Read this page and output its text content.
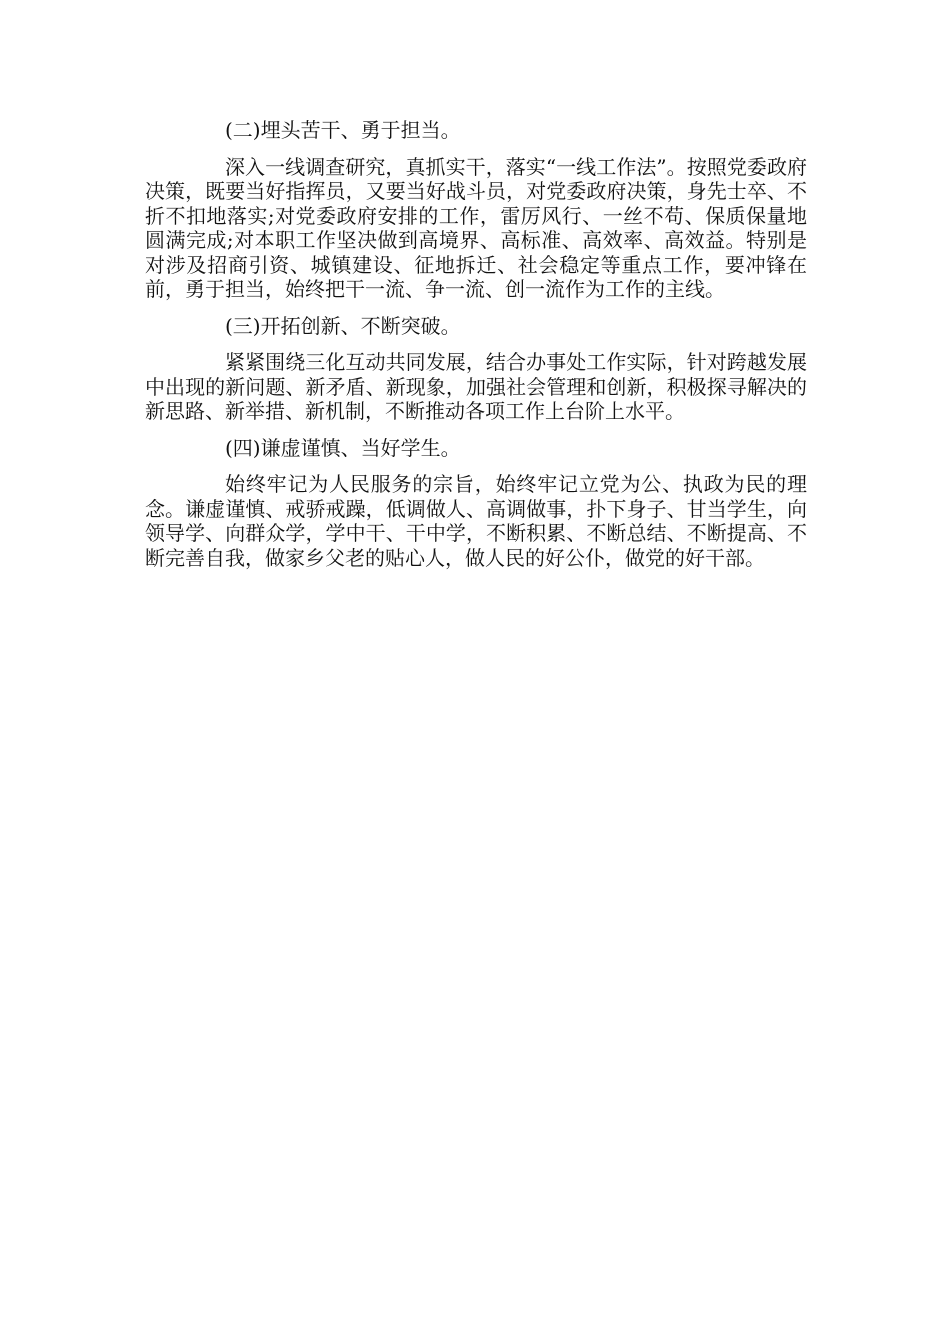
(二)埋头苦干、勇于担当。

深入一线调查研究，真抓实干，落实“一线工作法”。按照党委政府决策，既要当好指挥员，又要当好战斗员，对党委政府决策，身先士卒、不折不扣地落实;对党委政府安排的工作，雷厉风行、一丝不苟、保质保量地圆满完成;对本职工作坚决做到高境界、高标准、高效率、高效益。特别是对涉及招商引资、城镇建设、征地拆迁、社会稳定等重点工作，要冲锋在前，勇于担当，始终把干一流、争一流、创一流作为工作的主线。

(三)开拓创新、不断突破。

紧紧围绕三化互动共同发展，结合办事处工作实际，针对跨越发展中出现的新问题、新矛盾、新现象，加强社会管理和创新，积极探寻解决的新思路、新举措、新机制，不断推动各项工作上台阶上水平。

(四)谦虚谨慎、当好学生。

始终牢记为人民服务的宗旨，始终牢记立党为公、执政为民的理念。谦虚谨慎、戒骄戒躁，低调做人、高调做事，扑下身子、甘当学生，向领导学、向群众学，学中干、干中学，不断积累、不断总结、不断提高、不断完善自我，做家乡父老的贴心人，做人民的好公仆，做党的好干部。
